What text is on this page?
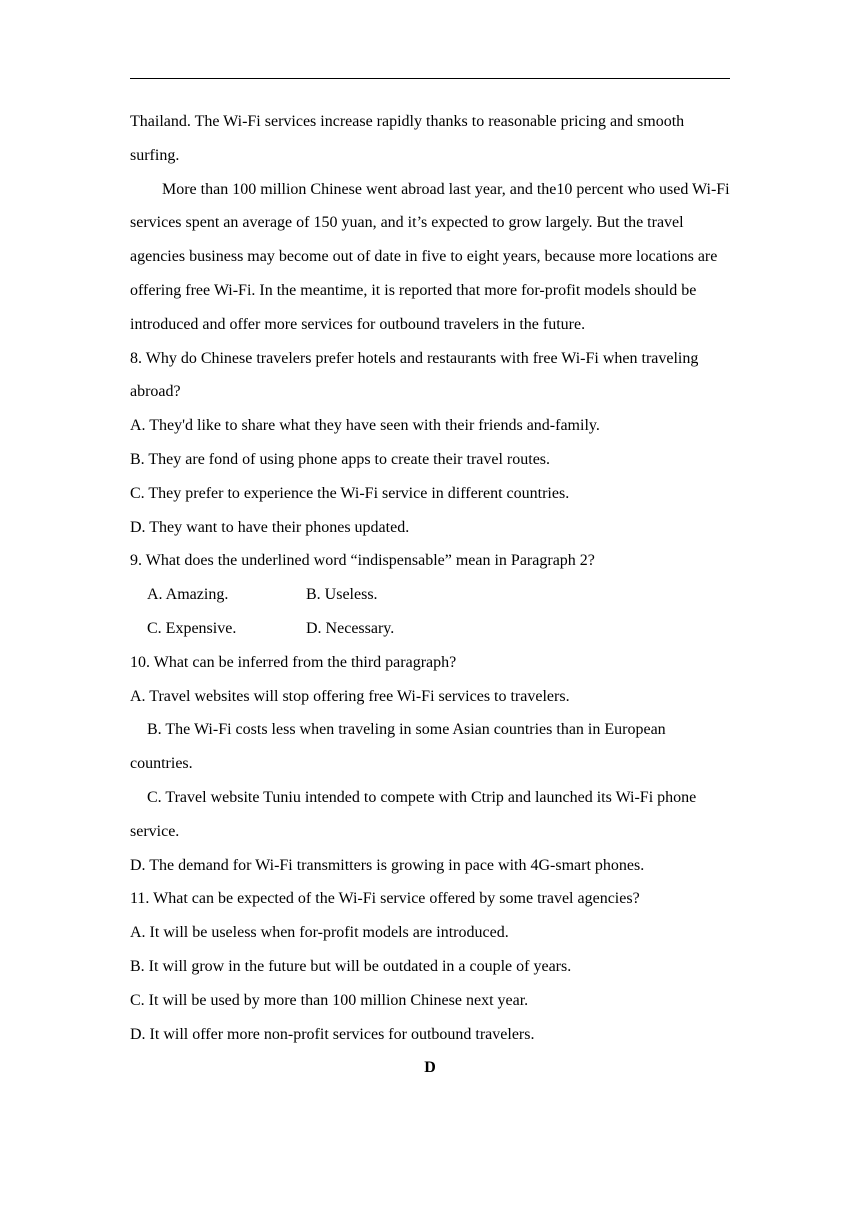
Thailand. The Wi-Fi services increase rapidly thanks to reasonable pricing and smooth surfing.

More than 100 million Chinese went abroad last year, and the10 percent who used Wi-Fi services spent an average of 150 yuan, and it’s expected to grow largely. But the travel agencies business may become out of date in five to eight years, because more locations are offering free Wi-Fi. In the meantime, it is reported that more for-profit models should be introduced and offer more services for outbound travelers in the future.

8. Why do Chinese travelers prefer hotels and restaurants with free Wi-Fi when traveling abroad?

A. They'd like to share what they have seen with their friends and-family.

B. They are fond of using phone apps to create their travel routes.

C. They prefer to experience the Wi-Fi service in different countries.

D. They want to have their phones updated.

9. What does the underlined word “indispensable” mean in Paragraph 2?

A. Amazing.	B. Useless.
C. Expensive.	D. Necessary.

10. What can be inferred from the third paragraph?

A. Travel websites will stop offering free Wi-Fi services to travelers.

B. The Wi-Fi costs less when traveling in some Asian countries than in European countries.

C. Travel website Tuniu intended to compete with Ctrip and launched its Wi-Fi phone service.

D. The demand for Wi-Fi transmitters is growing in pace with 4G-smart phones.

11. What can be expected of the Wi-Fi service offered by some travel agencies?

A. It will be useless when for-profit models are introduced.

B. It will grow in the future but will be outdated in a couple of years.

C. It will be used by more than 100 million Chinese next year.

D. It will offer more non-profit services for outbound travelers.

D
